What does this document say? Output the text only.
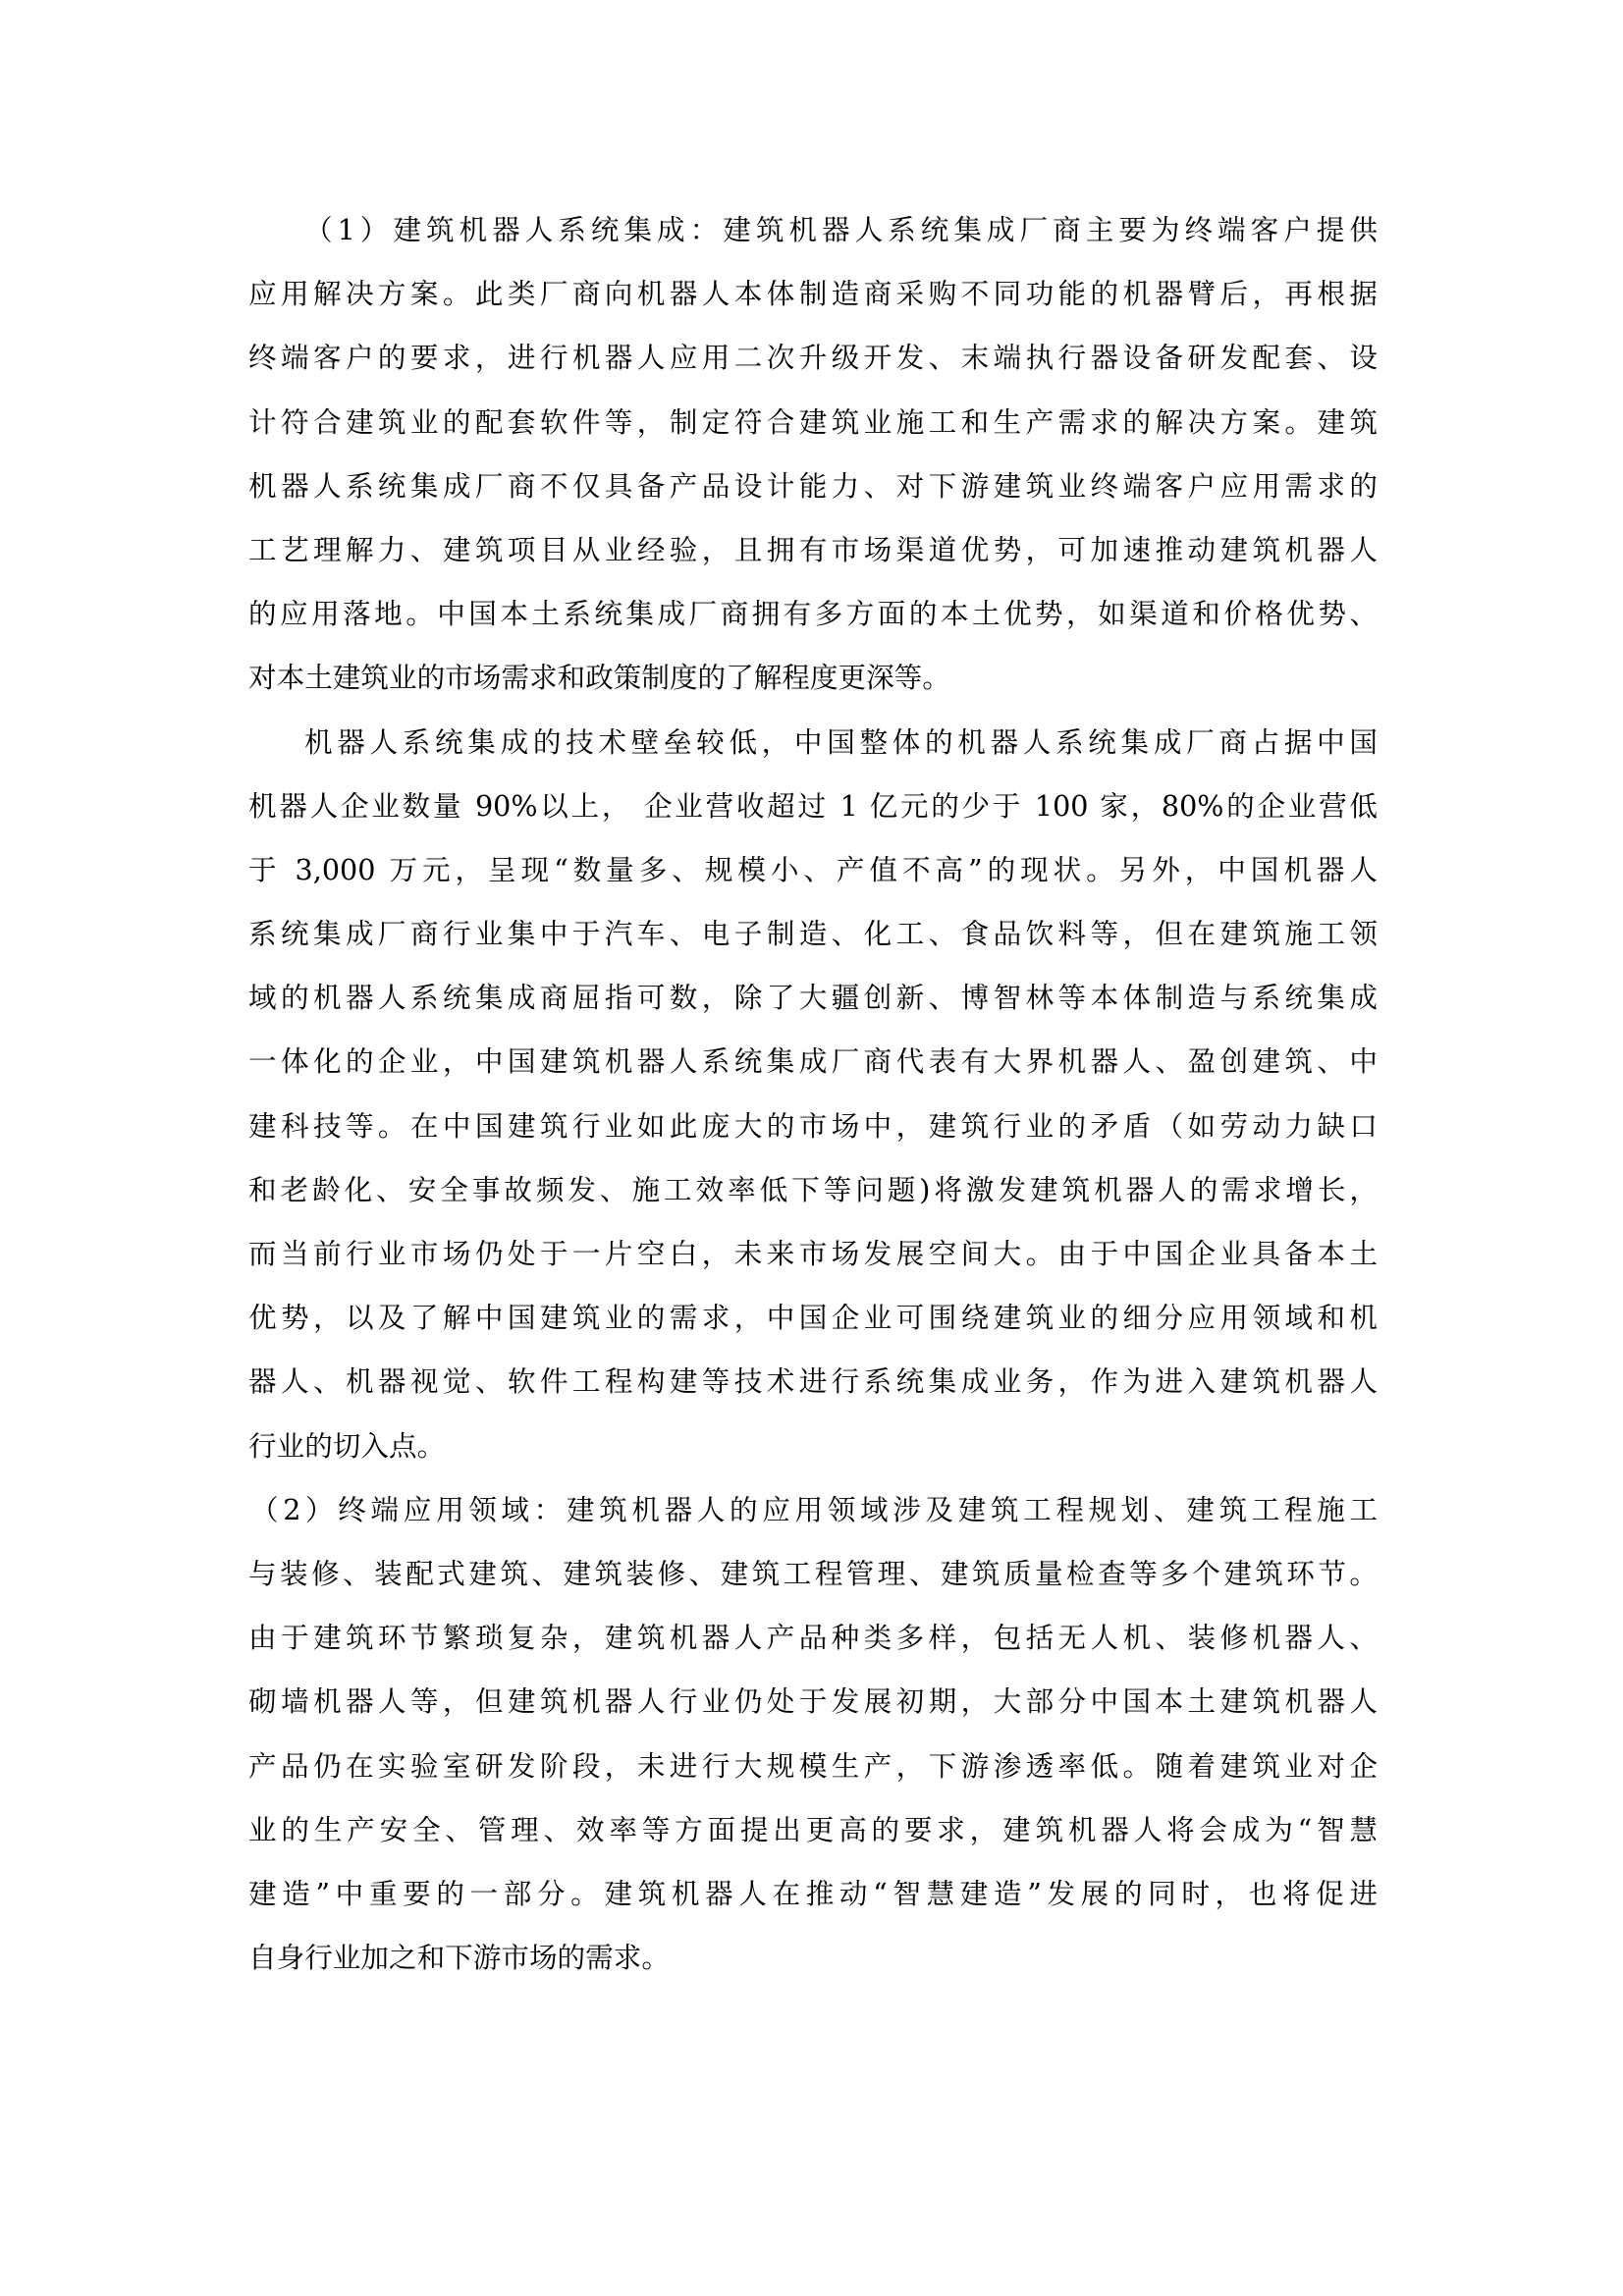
（1）建筑机器人系统集成：建筑机器人系统集成厂商主要为终端客户提供
应用解决方案。此类厂商向机器人本体制造商采购不同功能的机器臂后，再根据
终端客户的要求，进行机器人应用二次升级开发、末端执行器设备研发配套、设
计符合建筑业的配套软件等，制定符合建筑业施工和生产需求的解决方案。建筑
机器人系统集成厂商不仅具备产品设计能力、对下游建筑业终端客户应用需求的
工艺理解力、建筑项目从业经验，且拥有市场渠道优势，可加速推动建筑机器人
的应用落地。中国本土系统集成厂商拥有多方面的本土优势，如渠道和价格优势、
对本土建筑业的市场需求和政策制度的了解程度更深等。
机器人系统集成的技术壁垒较低，中国整体的机器人系统集成厂商占据中国
机器人企业数量 90%以上， 企业营收超过 1 亿元的少于 100 家，80%的企业营低
于 3,000 万元，呈现“数量多、规模小、产值不高”的现状。另外，中国机器人
系统集成厂商行业集中于汽车、电子制造、化工、食品饮料等，但在建筑施工领
域的机器人系统集成商屈指可数，除了大疆创新、博智林等本体制造与系统集成
一体化的企业，中国建筑机器人系统集成厂商代表有大界机器人、盈创建筑、中
建科技等。在中国建筑行业如此庞大的市场中，建筑行业的矛盾（如劳动力缺口
和老龄化、安全事故频发、施工效率低下等问题)将激发建筑机器人的需求增长，
而当前行业市场仍处于一片空白，未来市场发展空间大。由于中国企业具备本土
优势，以及了解中国建筑业的需求，中国企业可围绕建筑业的细分应用领域和机
器人、机器视觉、软件工程构建等技术进行系统集成业务，作为进入建筑机器人
行业的切入点。
（2）终端应用领域：建筑机器人的应用领域涉及建筑工程规划、建筑工程施工
与装修、装配式建筑、建筑装修、建筑工程管理、建筑质量检查等多个建筑环节。
由于建筑环节繁琐复杂，建筑机器人产品种类多样，包括无人机、装修机器人、
砌墙机器人等，但建筑机器人行业仍处于发展初期，大部分中国本土建筑机器人
产品仍在实验室研发阶段，未进行大规模生产，下游渗透率低。随着建筑业对企
业的生产安全、管理、效率等方面提出更高的要求，建筑机器人将会成为“智慧
建造”中重要的一部分。建筑机器人在推动“智慧建造”发展的同时，也将促进
自身行业加之和下游市场的需求。
